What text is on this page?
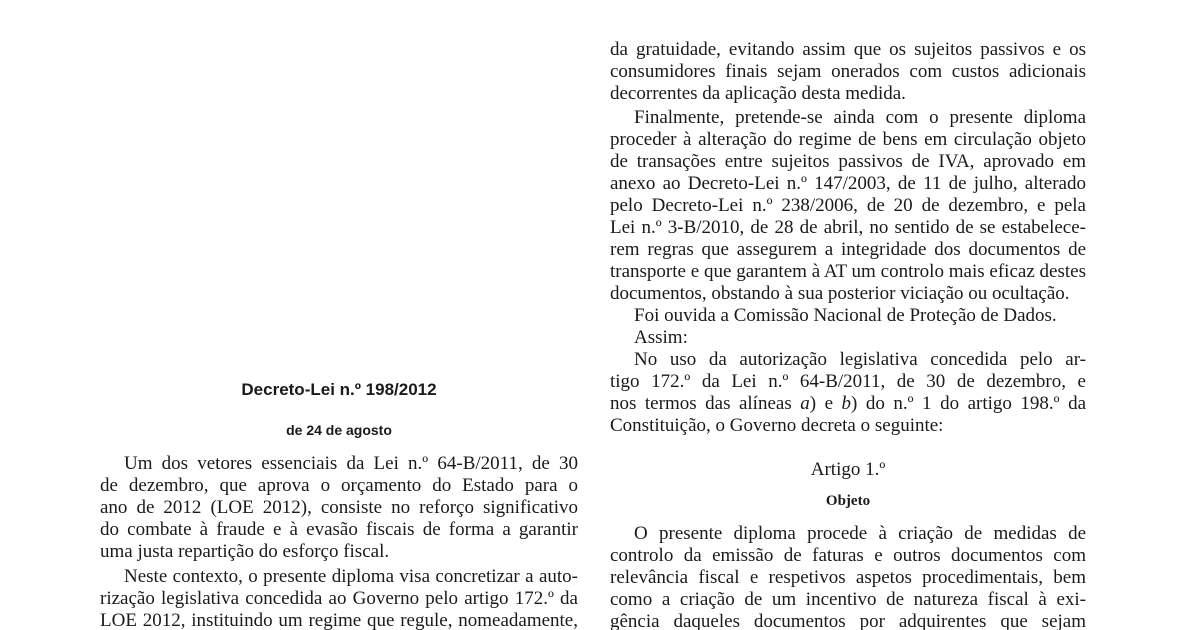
Decreto-Lei n.º 198/2012
de 24 de agosto
Um dos vetores essenciais da Lei n.º 64-B/2011, de 30
de dezembro, que aprova o orçamento do Estado para o
ano de 2012 (LOE 2012), consiste no reforço significativo
do combate à fraude e à evasão fiscais de forma a garantir
uma justa repartição do esforço fiscal.
Neste contexto, o presente diploma visa concretizar a auto-
rização legislativa concedida ao Governo pelo artigo 172.º da
LOE 2012, instituindo um regime que regule, nomeadamente,
da gratuidade, evitando assim que os sujeitos passivos e os
consumidores finais sejam onerados com custos adicionais
decorrentes da aplicação desta medida.
Finalmente, pretende-se ainda com o presente diploma
proceder à alteração do regime de bens em circulação objeto
de transações entre sujeitos passivos de IVA, aprovado em
anexo ao Decreto-Lei n.º 147/2003, de 11 de julho, alterado
pelo Decreto-Lei n.º 238/2006, de 20 de dezembro, e pela
Lei n.º 3-B/2010, de 28 de abril, no sentido de se estabelece-
rem regras que assegurem a integridade dos documentos de
transporte e que garantem à AT um controlo mais eficaz destes
documentos, obstando à sua posterior viciação ou ocultação.
Foi ouvida a Comissão Nacional de Proteção de Dados.
Assim:
No uso da autorização legislativa concedida pelo ar-
tigo 172.º da Lei n.º 64-B/2011, de 30 de dezembro, e
nos termos das alíneas a) e b) do n.º 1 do artigo 198.º da
Constituição, o Governo decreta o seguinte:
Artigo 1.º
Objeto
O presente diploma procede à criação de medidas de
controlo da emissão de faturas e outros documentos com
relevância fiscal e respetivos aspetos procedimentais, bem
como a criação de um incentivo de natureza fiscal à exi-
gência daqueles documentos por adquirentes que sejam
